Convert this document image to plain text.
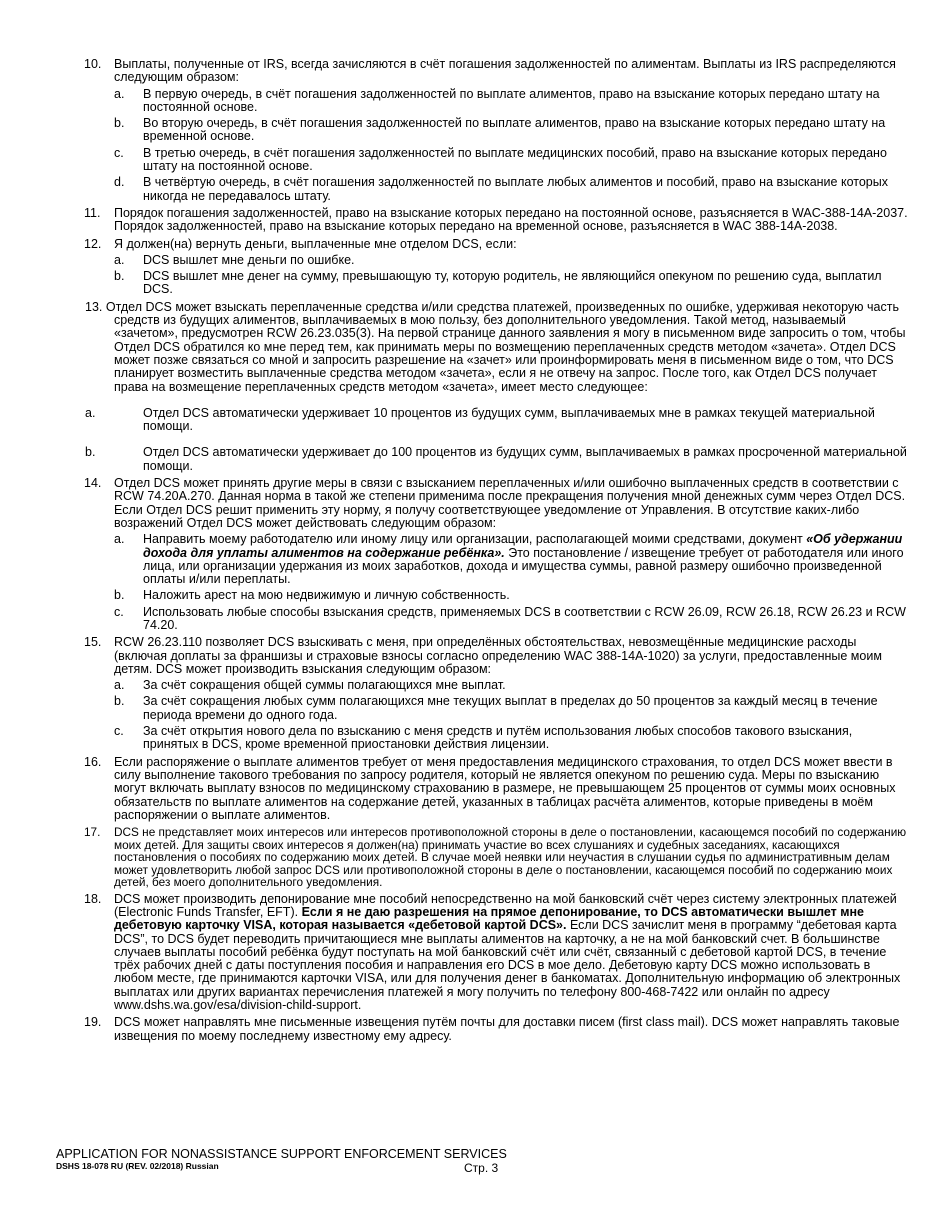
10.	Выплаты, полученные от IRS, всегда зачисляются в счёт погашения задолженностей по алиментам. Выплаты из IRS распределяются следующим образом:
a.	В первую очередь, в счёт погашения задолженностей по выплате алиментов, право на взыскание которых передано штату на постоянной основе.
b.	Во вторую очередь, в счёт погашения задолженностей по выплате алиментов, право на взыскание которых передано штату на временной основе.
c.	В третью очередь, в счёт погашения задолженностей по выплате медицинских пособий, право на взыскание которых передано штату на постоянной основе.
d.	В четвёртую очередь, в счёт погашения задолженностей по выплате любых алиментов и пособий, право на взыскание которых никогда не передавалось штату.
11.	Порядок погашения задолженностей, право на взыскание которых передано на постоянной основе, разъясняется в WAC-388-14A-2037. Порядок задолженностей, право на взыскание которых передано на временной основе, разъясняется в WAC 388-14A-2038.
12.	Я должен(на) вернуть деньги, выплаченные мне отделом DCS, если:
a.	DCS вышлет мне деньги по ошибке.
b.	DCS вышлет мне денег на сумму, превышающую ту, которую родитель, не являющийся опекуном по решению суда, выплатил DCS.
13. Отдел DCS может взыскать переплаченные средства и/или средства платежей, произведенных по ошибке, удерживая некоторую часть средств из будущих алиментов, выплачиваемых в мою пользу, без дополнительного уведомления. Такой метод, называемый «зачетом», предусмотрен RCW 26.23.035(3). На первой странице данного заявления я могу в письменном виде запросить о том, чтобы Отдел DCS обратился ко мне перед тем, как принимать меры по возмещению переплаченных средств методом «зачета». Отдел DCS может позже связаться со мной и запросить разрешение на «зачет» или проинформировать меня в письменном виде о том, что DCS планирует возместить выплаченные средства методом «зачета», если я не отвечу на запрос. После того, как Отдел DCS получает права на возмещение переплаченных средств методом «зачета», имеет место следующее:
a.	Отдел DCS автоматически удерживает 10 процентов из будущих сумм, выплачиваемых мне в рамках текущей материальной помощи.
b.	Отдел DCS автоматически удерживает до 100 процентов из будущих сумм, выплачиваемых в рамках просроченной материальной помощи.
14.	Отдел DCS может принять другие меры в связи с взысканием переплаченных и/или ошибочно выплаченных средств в соответствии с RCW 74.20A.270. Данная норма в такой же степени применима после прекращения получения мной денежных сумм через Отдел DCS. Если Отдел DCS решит применить эту норму, я получу соответствующее уведомление от Управления. В отсутствие каких-либо возражений Отдел DCS может действовать следующим образом:
a.	Направить моему работодателю или иному лицу или организации, располагающей моими средствами, документ «Об удержании дохода для уплаты алиментов на содержание ребёнка». Это постановление / извещение требует от работодателя или иного лица, или организации удержания из моих заработков, дохода и имущества суммы, равной размеру ошибочно произведенной оплаты и/или переплаты.
b.	Наложить арест на мою недвижимую и личную собственность.
c.	Использовать любые способы взыскания средств, применяемых DCS в соответствии с RCW 26.09, RCW 26.18, RCW 26.23 и RCW 74.20.
15.	RCW 26.23.110 позволяет DCS взыскивать с меня, при определённых обстоятельствах, невозмещённые медицинские расходы (включая доплаты за франшизы и страховые взносы согласно определению WAC 388-14A-1020) за услуги, предоставленные моим детям. DCS может производить взыскания следующим образом:
a.	За счёт сокращения общей суммы полагающихся мне выплат.
b.	За счёт сокращения любых сумм полагающихся мне текущих выплат в пределах до 50 процентов за каждый месяц в течение периода времени до одного года.
c.	За счёт открытия нового дела по взысканию с меня средств и путём использования любых способов такового взыскания, принятых в DCS, кроме временной приостановки действия лицензии.
16.	Если распоряжение о выплате алиментов требует от меня предоставления медицинского страхования, то отдел DCS может ввести в силу выполнение такового требования по запросу родителя, который не является опекуном по решению суда. Меры по взысканию могут включать выплату взносов по медицинскому страхованию в размере, не превышающем 25 процентов от суммы моих основных обязательств по выплате алиментов на содержание детей, указанных в таблицах расчёта алиментов, которые приведены в моём распоряжении о выплате алиментов.
17.	DCS не представляет моих интересов или интересов противоположной стороны в деле о постановлении, касающемся пособий по содержанию моих детей. Для защиты своих интересов я должен(на) принимать участие во всех слушаниях и судебных заседаниях, касающихся постановления о пособиях по содержанию моих детей. В случае моей неявки или неучастия в слушании судья по административным делам может удовлетворить любой запрос DCS или противоположной стороны в деле о постановлении, касающемся пособий по содержанию моих детей, без моего дополнительного уведомления.
18.	DCS может производить депонирование мне пособий непосредственно на мой банковский счёт через систему электронных платежей (Electronic Funds Transfer, EFT). Если я не даю разрешения на прямое депонирование, то DCS автоматически вышлет мне дебетовую карточку VISA, которая называется «дебетовой картой DCS». Если DCS зачислит меня в программу “дебетовая карта DCS”, то DCS будет переводить причитающиеся мне выплаты алиментов на карточку, а не на мой банковский счет. В большинстве случаев выплаты пособий ребёнка будут поступать на мой банковский счёт или счёт, связанный с дебетовой картой DCS, в течение трёх рабочих дней с даты поступления пособия и направления его DCS в мое дело. Дебетовую карту DCS можно использовать в любом месте, где принимаются карточки VISA, или для получения денег в банкоматах. Дополнительную информацию об электронных выплатах или других вариантах перечисления платежей я могу получить по телефону 800-468-7422 или онлайн по адресу www.dshs.wa.gov/esa/division-child-support.
19.	DCS может направлять мне письменные извещения путём почты для доставки писем (first class mail). DCS может направлять таковые извещения по моему последнему известному ему адресу.
APPLICATION FOR NONASSISTANCE SUPPORT ENFORCEMENT SERVICES
DSHS 18-078 RU (REV. 02/2018) Russian	Стр. 3
